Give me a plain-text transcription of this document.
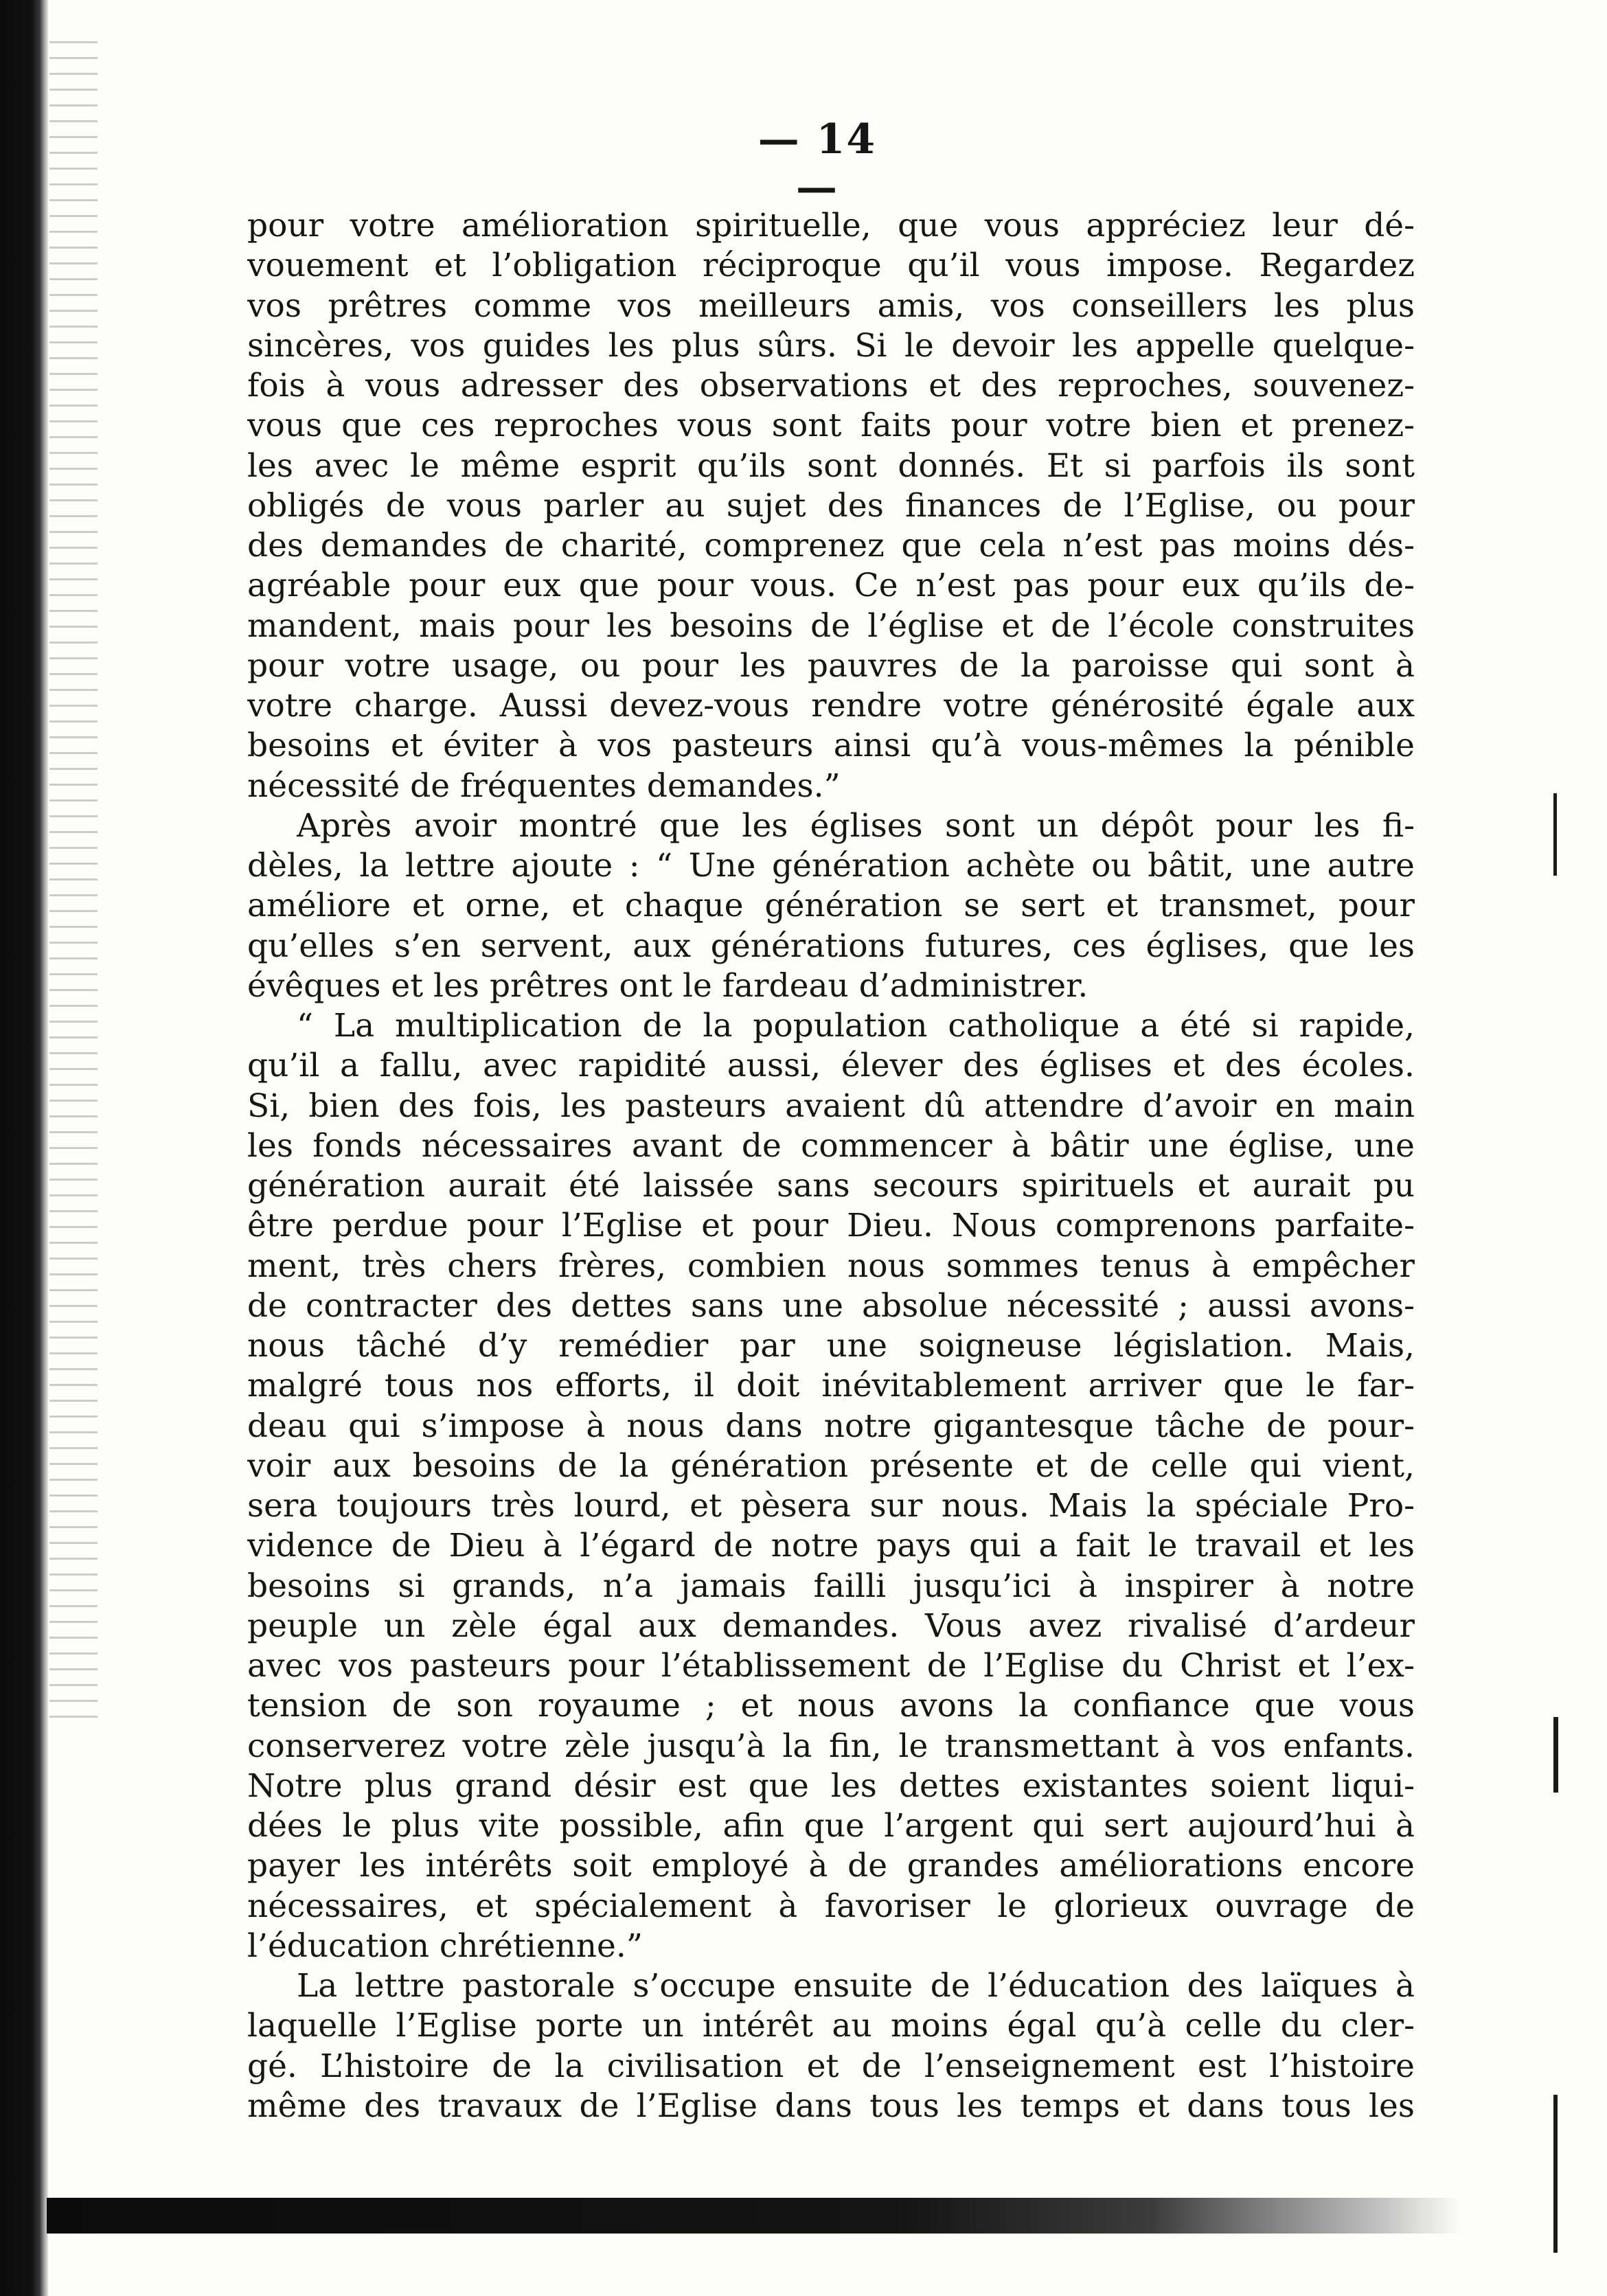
— 14 —
pour votre amélioration spirituelle, que vous appréciez leur dé-
vouement et l’obligation réciproque qu’il vous impose. Regardez
vos prêtres comme vos meilleurs amis, vos conseillers les plus
sincères, vos guides les plus sûrs. Si le devoir les appelle quelque-
fois à vous adresser des observations et des reproches, souvenez-
vous que ces reproches vous sont faits pour votre bien et prenez-
les avec le même esprit qu’ils sont donnés. Et si parfois ils sont
obligés de vous parler au sujet des finances de l’Eglise, ou pour
des demandes de charité, comprenez que cela n’est pas moins dés-
agréable pour eux que pour vous. Ce n’est pas pour eux qu’ils de-
mandent, mais pour les besoins de l’église et de l’école construites
pour votre usage, ou pour les pauvres de la paroisse qui sont à
votre charge. Aussi devez-vous rendre votre générosité égale aux
besoins et éviter à vos pasteurs ainsi qu’à vous-mêmes la pénible
nécessité de fréquentes demandes.”
Après avoir montré que les églises sont un dépôt pour les fi-
dèles, la lettre ajoute : “ Une génération achète ou bâtit, une autre
améliore et orne, et chaque génération se sert et transmet, pour
qu’elles s’en servent, aux générations futures, ces églises, que les
évêques et les prêtres ont le fardeau d’administrer.
“ La multiplication de la population catholique a été si rapide,
qu’il a fallu, avec rapidité aussi, élever des églises et des écoles.
Si, bien des fois, les pasteurs avaient dû attendre d’avoir en main
les fonds nécessaires avant de commencer à bâtir une église, une
génération aurait été laissée sans secours spirituels et aurait pu
être perdue pour l’Eglise et pour Dieu. Nous comprenons parfaite-
ment, très chers frères, combien nous sommes tenus à empêcher
de contracter des dettes sans une absolue nécessité ; aussi avons-
nous tâché d’y remédier par une soigneuse législation. Mais,
malgré tous nos efforts, il doit inévitablement arriver que le far-
deau qui s’impose à nous dans notre gigantesque tâche de pour-
voir aux besoins de la génération présente et de celle qui vient,
sera toujours très lourd, et pèsera sur nous. Mais la spéciale Pro-
vidence de Dieu à l’égard de notre pays qui a fait le travail et les
besoins si grands, n’a jamais failli jusqu’ici à inspirer à notre
peuple un zèle égal aux demandes. Vous avez rivalisé d’ardeur
avec vos pasteurs pour l’établissement de l’Eglise du Christ et l’ex-
tension de son royaume ; et nous avons la confiance que vous
conserverez votre zèle jusqu’à la fin, le transmettant à vos enfants.
Notre plus grand désir est que les dettes existantes soient liqui-
dées le plus vite possible, afin que l’argent qui sert aujourd’hui à
payer les intérêts soit employé à de grandes améliorations encore
nécessaires, et spécialement à favoriser le glorieux ouvrage de
l’éducation chrétienne.”
La lettre pastorale s’occupe ensuite de l’éducation des laïques à
laquelle l’Eglise porte un intérêt au moins égal qu’à celle du cler-
gé. L’histoire de la civilisation et de l’enseignement est l’histoire
même des travaux de l’Eglise dans tous les temps et dans tous les
